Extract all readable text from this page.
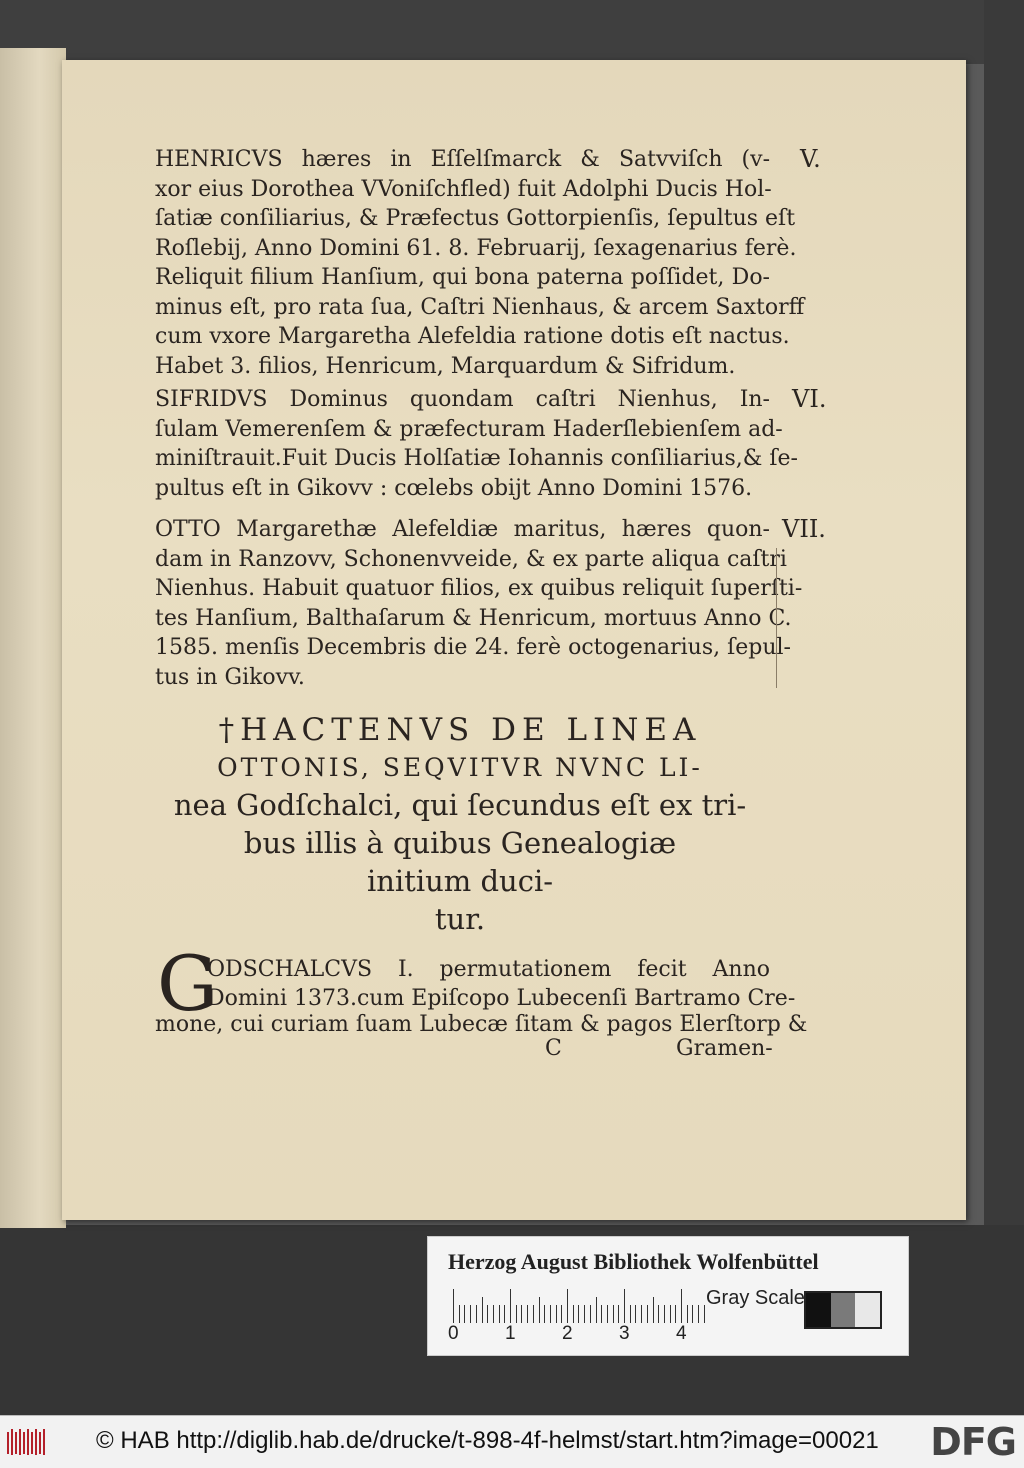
HENRICVS hæres in Eſſelſmarck & Satvviſch (v-
xor eius Dorothea VVoniſchfled) fuit Adolphi Ducis Hol-
ſatiæ conſiliarius, & Præfectus Gottorpienſis, ſepultus eſt
Roſlebij, Anno Domini 61. 8. Februarij, ſexagenarius ferè.
Reliquit filium Hanſium, qui bona paterna poſſidet, Do-
minus eſt, pro rata ſua, Caſtri Nienhaus, & arcem Saxtorff
cum vxore Margaretha Alefeldia ratione dotis eſt nactus.
Habet 3. filios, Henricum, Marquardum & Sifridum.
V.
SIFRIDVS Dominus quondam caſtri Nienhus, In-
ſulam Vemerenſem & præfecturam Haderſlebienſem ad-
miniſtrauit.Fuit Ducis Holſatiæ Iohannis conſiliarius,& ſe-
pultus eſt in Gikovv : cœlebs obijt Anno Domini 1576.
VI.
OTTO Margarethæ Alefeldiæ maritus, hæres quon-
dam in Ranzovv, Schonenvveide, & ex parte aliqua caſtri
Nienhus. Habuit quatuor filios, ex quibus reliquit ſuperſti-
tes Hanſium, Balthaſarum & Henricum, mortuus Anno C.
1585. menſis Decembris die 24. ferè octogenarius, ſepul-
tus in Gikovv.
VII.
†HACTENVS DE LINEA
OTTONIS, SEQVITVR NVNC LI-
nea Godſchalci, qui ſecundus eſt ex tri-
bus illis à quibus Genealogiæ
initium duci-
tur.
G
ODSCHALCVS I. permutationem fecit Anno
Domini 1373.cum Epiſcopo Lubecenſi Bartramo Cre-
mone, cui curiam ſuam Lubecæ ſitam & pagos Elerſtorp &
C	Gramen-
Herzog August Bibliothek Wolfenbüttel
0 1 2 3 4
Gray Scale
© HAB http://diglib.hab.de/drucke/t-898-4f-helmst/start.htm?image=00021 DFG
